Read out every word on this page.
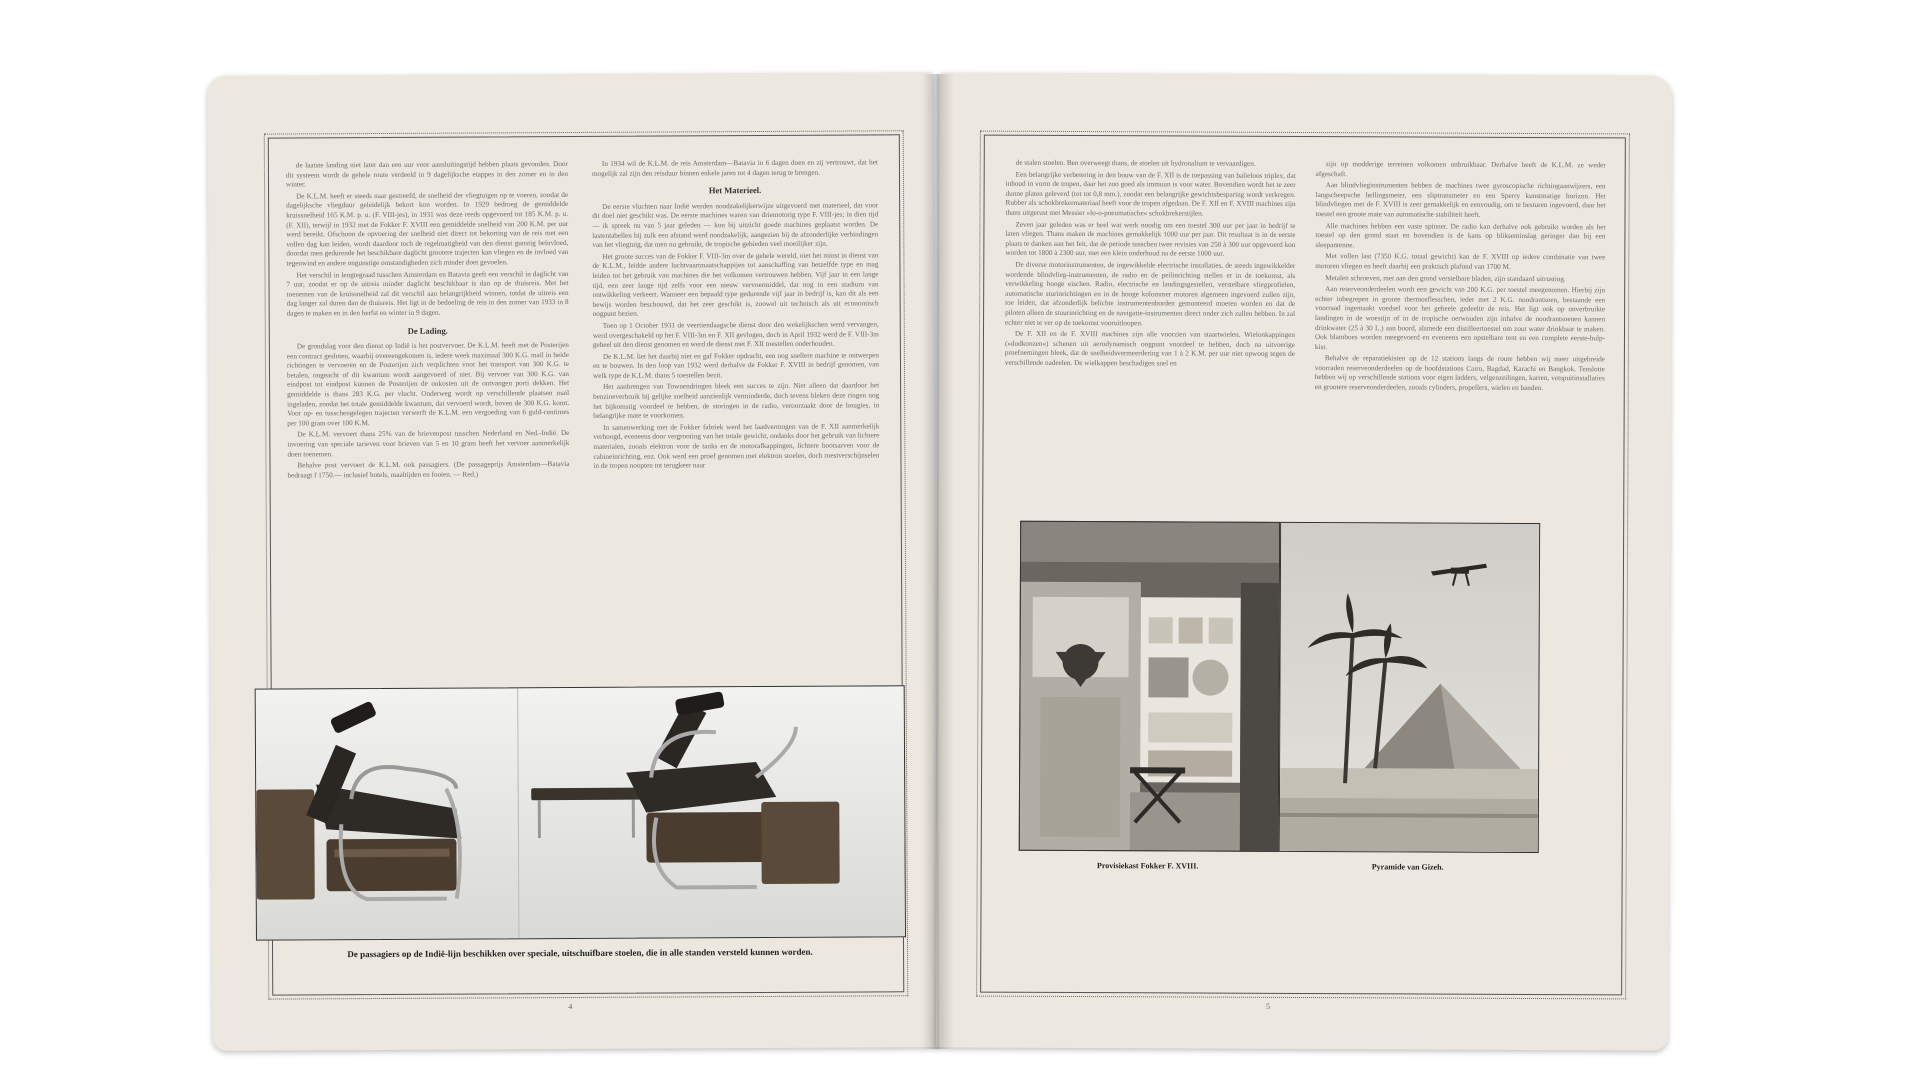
de laatste landing niet later dan een uur voor aansluitingstijd hebben plaats gevonden. Door dit systeem wordt de gehele route verdeeld in 9 dagelijksche etappes in den zomer en in den winter.

De K.L.M. heeft er steeds naar gestreefd, de snelheid der vliegtuigen op te voeren, zoodat de dagelijksche vliegduur geleidelijk bekort kon worden. In 1929 bedroeg de gemiddelde kruissnelheid 165 K.M. p. u. (F. VIII-jes), in 1931 was deze reeds opgevoerd tot 185 K.M. p. u. (F. XII), terwijl in 1932 met de Fokker F. XVIII een gemiddelde snelheid van 200 K.M. per uur werd bereikt. Ofschoon de opvoering der snelheid niet direct tot bekorting van de reis met een vollen dag kan leiden, wordt daardoor toch de regelmatigheid van den dienst gunstig beïnvloed, doordat men gedurende het beschikbare daglicht grootere trajecten kan vliegen en de invloed van tegenwind en andere ongunstige omstandigheden zich minder doet gevoelen.

Het verschil in lengtegraad tusschen Amsterdam en Batavia geeft een verschil in daglicht van 7 uur, zoodat er op de uitreis minder daglicht beschikbaar is dan op de thuisreis. Met het toenemen van de kruissnelheid zal dit verschil aan belangrijkheid winnen, totdat de uitreis een dag langer zal duren dan de thuisreis. Het ligt in de bedoeling de reis in den zomer van 1933 in 8 dagen te maken en in den herfst en winter in 9 dagen.

De Lading.

De grondslag voor den dienst op Indië is het postvervoer. De K.L.M. heeft met de Posterijen een contract gesloten, waarbij overeengekomen is, iedere week maximaal 300 K.G. mail in beide richtingen te vervoeren en de Posterijen zich verplichten voor het transport van 300 K.G. te betalen, ongeacht of dit kwantum wordt aangevoerd of niet. Bij vervoer van 300 K.G. van eindpost tot eindpost kunnen de Posterijen de onkosten uit de ontvangen porti dekken. Het gemiddelde is thans 283 K.G. per vlucht. Onderweg wordt op verschillende plaatsen mail ingeladen, zoodat het totale gemiddelde kwantum, dat vervoerd wordt, boven de 300 K.G. komt. Voor op- en tusschengelegen trajecten verwerft de K.L.M. een vergoeding van 6 guld-centimes per 100 gram over 100 K.M.

De K.L.M. vervoert thans 25% van de brievenpost tusschen Nederland en Ned.-Indië. De invoering van speciale tarieven voor brieven van 5 en 10 gram heeft het vervoer aanmerkelijk doen toenemen.

Behalve post vervoert de K.L.M. ook passagiers. (De passageprijs Amsterdam—Batavia bedraagt f 1750.— inclusief hotels, maaltijden en fooien. — Red.)

In 1934 wil de K.L.M. de reis Amsterdam—Batavia in 6 dagen doen en zij vertrouwt, dat het mogelijk zal zijn den reisduur binnen enkele jaren tot 4 dagen terug te brengen.

Het Materieel.

De eerste vluchten naar Indië werden noodzakelijkerwijze uitgevoerd met materieel, dat voor dit doel niet geschikt was. De eerste machines waren van driemotorig type F. VIII-jes; in dien tijd — ik spreek nu van 5 jaar geleden — kon bij uitzicht goede machines geplaatst worden. De lastentabellen bij zulk een afstand werd noodzakelijk, aangezien bij de afzonderlijke verbindingen van het vliegtuig, dat men nu gebruikt, de tropische gebieden veel moeilijker zijn.

Het groote succes van de Fokker F. VIII-3m over de gehele wereld, niet het minst in dienst van de K.L.M., leidde andere luchtvaartmaatschappijen tot aanschaffing van hetzelfde type en mag leiden tot het gebruik van machines die het volkomen vertrouwen hebben. Vijf jaar in een lange tijd, een zeer lange tijd zelfs voor een nieuw vervoermiddel, dat nog in een stadium van ontwikkeling verkeert. Wanneer een bepaald type gedurende vijf jaar in bedrijf is, kan dit als een bewijs worden beschouwd, dat het zeer geschikt is, zoowel uit technisch als uit economisch oogpunt bezien.

Toen op 1 October 1931 de veertiendaagsche dienst door den wekelijkschen werd vervangen, werd overgeschakeld op het F. VIII-3m en F. XII gevlogen, doch in April 1932 werd de F. VIII-3m geheel uit den dienst genomen en werd de dienst met F. XII toestellen onderhouden.

De K.L.M. liet het daarbij niet en gaf Fokker opdracht, een nog snellere machine te ontwerpen en te bouwen. In den loop van 1932 werd derhalve de Fokker F. XVIII in bedrijf genomen, van welk type de K.L.M. thans 5 toestellen bezit.

Het aanbrengen van Townendringen bleek een succes te zijn. Niet alleen dat daardoor het benzineverbruik bij gelijke snelheid aanzienlijk verminderde, doch tevens bleken deze ringen nog het bijkomstig voordeel te hebben, de storingen in de radio, veroorzaakt door de bougies, in belangrijke mate te voorkomen.

In samenwerking met de Fokker fabriek werd het laadvermogen van de F. XII aanmerkelijk verhoogd, eveneens door vergrooting van het totale gewicht, ondanks door het gebruik van lichtere materialen, zooals elektron voor de tanks en de motorafkappingen, lichtere bootsarven voor de cabineinrichting, enz. Ook werd een proef genomen met elektron stoelen, doch roestverschijnselen in de tropen noopten tot terugkeer naar

De passagiers op de Indië-lijn beschikken over speciale, uitschuifbare stoelen, die in alle standen versteld kunnen worden.
4

de stalen stoelen. Ben overweegt thans, de stoelen uit hydronalium te vervaardigen.

Een belangrijke verbetering in den bouw van de F. XII is de toepassing van balieloos triplex, dat inhoud in vorm de tropen, daar het zoo goed als immuun is voor water. Bovendien wordt het te zeer dunne platen geleverd (tot tot 0,8 mm.), zoodat een belangrijke gewichtsbesparing wordt verkregen. Rubber als schokbrekermateriaal heeft voor de tropen afgedaan. De F. XII en F. XVIII machines zijn thans uitgerust met Messier »lo-o-pneumatische« schokbrekerstijlen.

Zeven jaar geleden was er heel wat werk noodig om een toestel 300 uur per jaar in bedrijf te laten vliegen. Thans maken de machines gemakkelijk 1000 uur per jaar. Dit resultaat is in de eerste plaats te danken aan het feit, dat de periode tusschen twee revisies van 250 à 300 uur opgevoerd kon worden tot 1800 à 2300 uur, met een klein onderhoud na de eerste 1000 uur.

De diverse motorinstrumenten, de ingewikkelde electrische installaties, de steeds ingewikkelder wordende blindvlieg-instrumenten, de radio en de peilinrichting stellen er in de toekomst, als verwikkeling hooge eischen. Radio, electrische en landingsgestellen, verstelbare vliegprofielen, automatische sturinrichtingen en in de hooge kolommer motoren algemeen ingevoerd zullen zijn, toe leiden, dat afzonderlijk belichte instrumentenborden gemonteerd moeten worden en dat de piloten alleen de stuurinrichting en de navigatie-instrumenten direct onder zich zullen hebben. In zal echter niet te ver op de toekomst vooruitloopen.

De F. XII en de F. XVIII machines zijn alle voorzien van staartwielen. Wielonkappingen (»dodkoozen«) schenen uit aerodynamisch oogpunt voordeel te hebben, doch na uitvoerige proefnemingen bleek, dat de snelheidsvermeerdering van 1 à 2 K.M. per uur niet opwoog tegen de verschillende nadeelen. De wielkappen beschadigen snel en

zijn op modderige terreinen volkomen onbruikbaar. Derhalve heeft de K.L.M. ze weder afgeschaft.

Aan blindvlieginstrumenten hebben de machines twee gyroscopische richtingaanwijzers, een langscheepsche hellingsmeter, een sliptransmeter en een Sperry kunstmatige horizon. Het blindvliegen met de F. XVIII is zeer gemakkelijk en eenvoudig, om te besturen ingevoerd, daar het toestel een groote mate van automatische stabiliteit heeft.

Alle machines hebben een vaste spinner. De radio kan derhalve ook gebruikt worden als het toestel op den grond staat en bovendien is de kans op blikseminslag geringer dan bij een sleepantenne.

Met vollen last (7350 K.G. totaal gewicht) kan de F. XVIII op iedere combinatie van twee motoren vliegen en heeft daarbij een praktisch plafond van 1700 M.

Metalen schroeven, met aan den grond verstelbare bladen, zijn standaard uitrusting.

Aan reserveonderdeelen wordt een gewicht van 200 K.G. per toestel meegenomen. Hierbij zijn echter inbegrepen in groote thermosflesschen, ieder met 2 K.G. noodrantsoen, bestaande een voorraad ingemaakt voedsel voor het geheele gedeelte de reis. Het ligt ook op onverbruikte landingen in de woestijn of in de tropische oerwouden zijn inhalve de noodrantsoenen kannen drinkwater (25 à 30 L.) aan boord, alsmede een distilleertoestel om zout water drinkbaar te maken. Ook blamboes worden meegevoerd en eveneens een opstelbare tent en een complete eerste-hulp-kist.

Behalve de reparatiekisten op de 12 stations langs de route hebben wij meer uitgebreide voorraden reserveonderdeelen op de hoofdstations Cairo, Bagdad, Karachi en Bangkok. Tenslotte hebben wij op verschillende stations voor eigen ladders, velgenzeilingen, karren, vetspuitinstallaties en grootere reserveonderdeelen, zooals cylinders, propellers, wielen en banden.

Provisiekast Fokker F. XVIII.	Pyramide van Gizeh.
5
